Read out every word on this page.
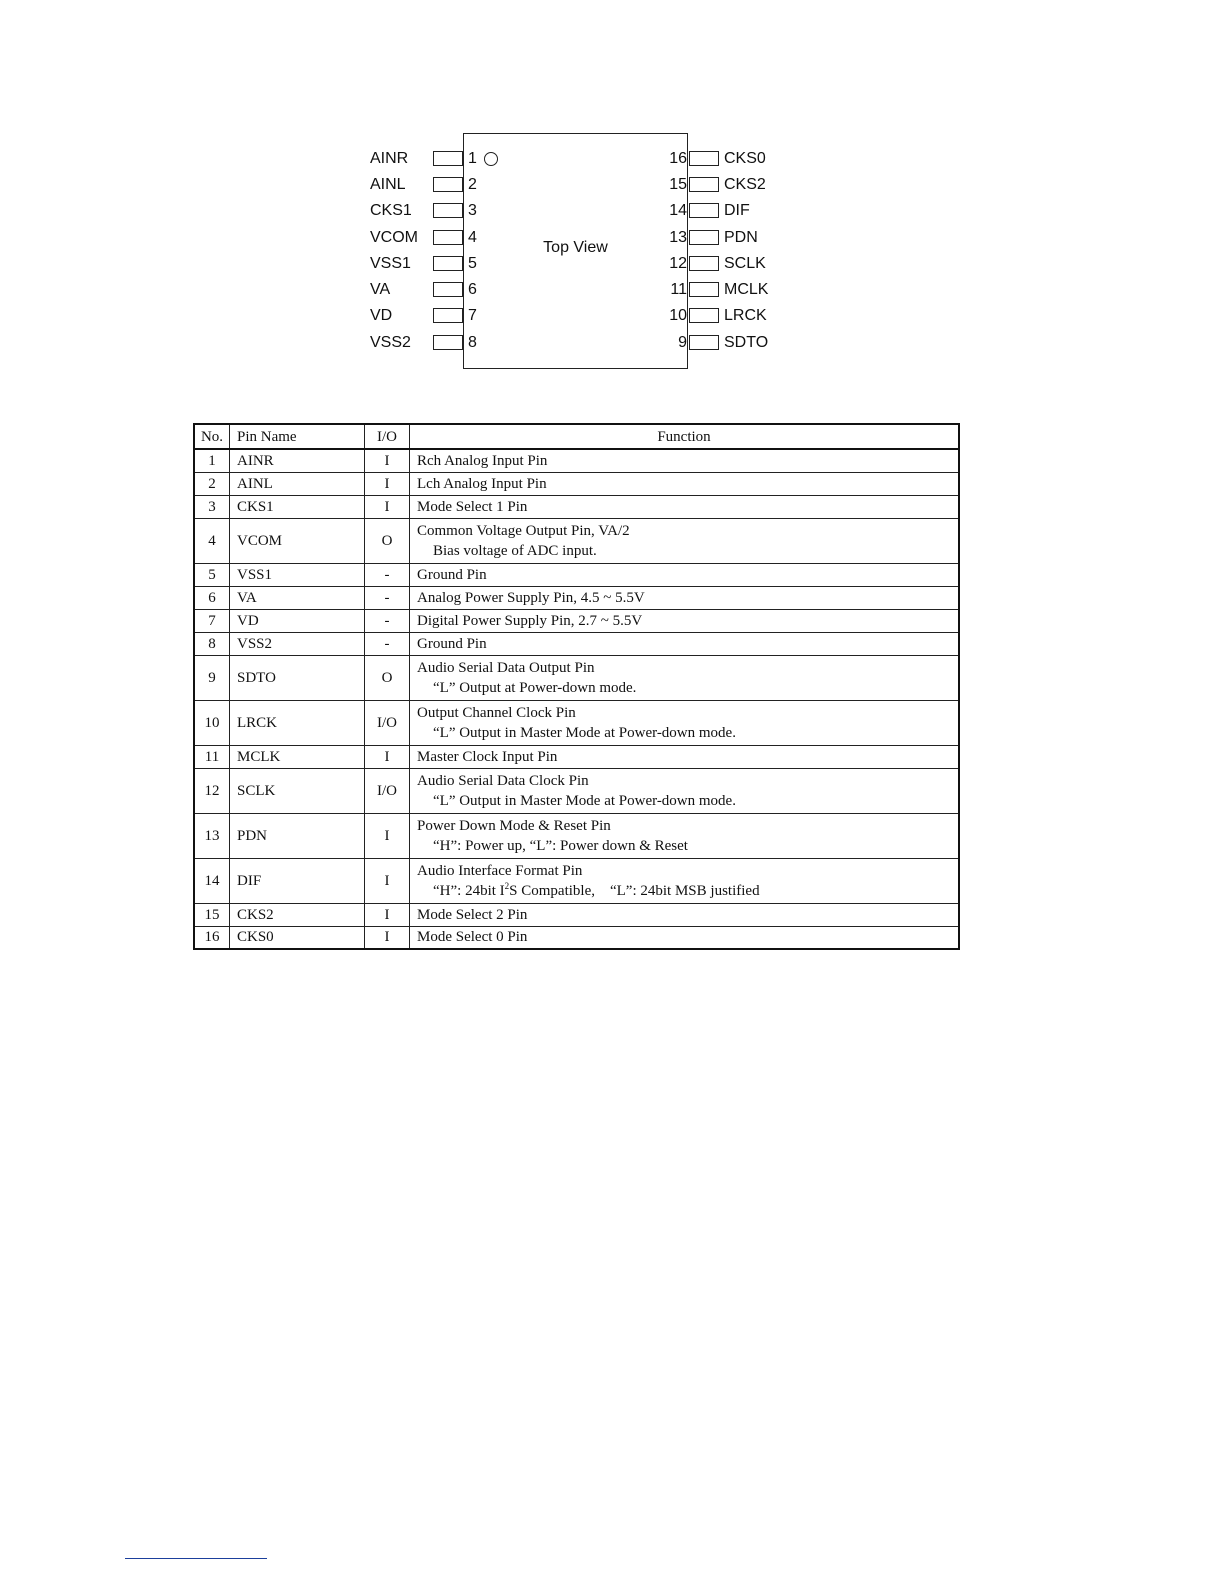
Top View
AINR	1
AINL	2
CKS1	3
VCOM	4
VSS1	5
VA	6
VD	7
VSS2	8
16 CKS0
15 CKS2
14 DIF
13 PDN
12 SCLK
11 MCLK
10 LRCK
9 SDTO
No.	Pin Name	I/O	Function
1	AINR	I	Rch Analog Input Pin

2	AINL	I	Lch Analog Input Pin

3	CKS1	I	Mode Select 1 Pin

4	VCOM	O	Common Voltage Output Pin, VA/2
Bias voltage of ADC input.

5	VSS1	-	Ground Pin

6	VA	-	Analog Power Supply Pin, 4.5 ~ 5.5V

7	VD	-	Digital Power Supply Pin, 2.7 ~ 5.5V

8	VSS2	-	Ground Pin

9	SDTO	O	Audio Serial Data Output Pin
“L” Output at Power-down mode.

10	LRCK	I/O	Output Channel Clock Pin
“L” Output in Master Mode at Power-down mode.

11	MCLK	I	Master Clock Input Pin

12	SCLK	I/O	Audio Serial Data Clock Pin
“L” Output in Master Mode at Power-down mode.

13	PDN	I	Power Down Mode & Reset Pin
“H”: Power up, “L”: Power down & Reset

14	DIF	I	Audio Interface Format Pin
“H”: 24bit $I^2S$ Compatible,    “L”: 24bit MSB justified

15	CKS2	I	Mode Select 2 Pin

16	CKS0	I	Mode Select 0 Pin
